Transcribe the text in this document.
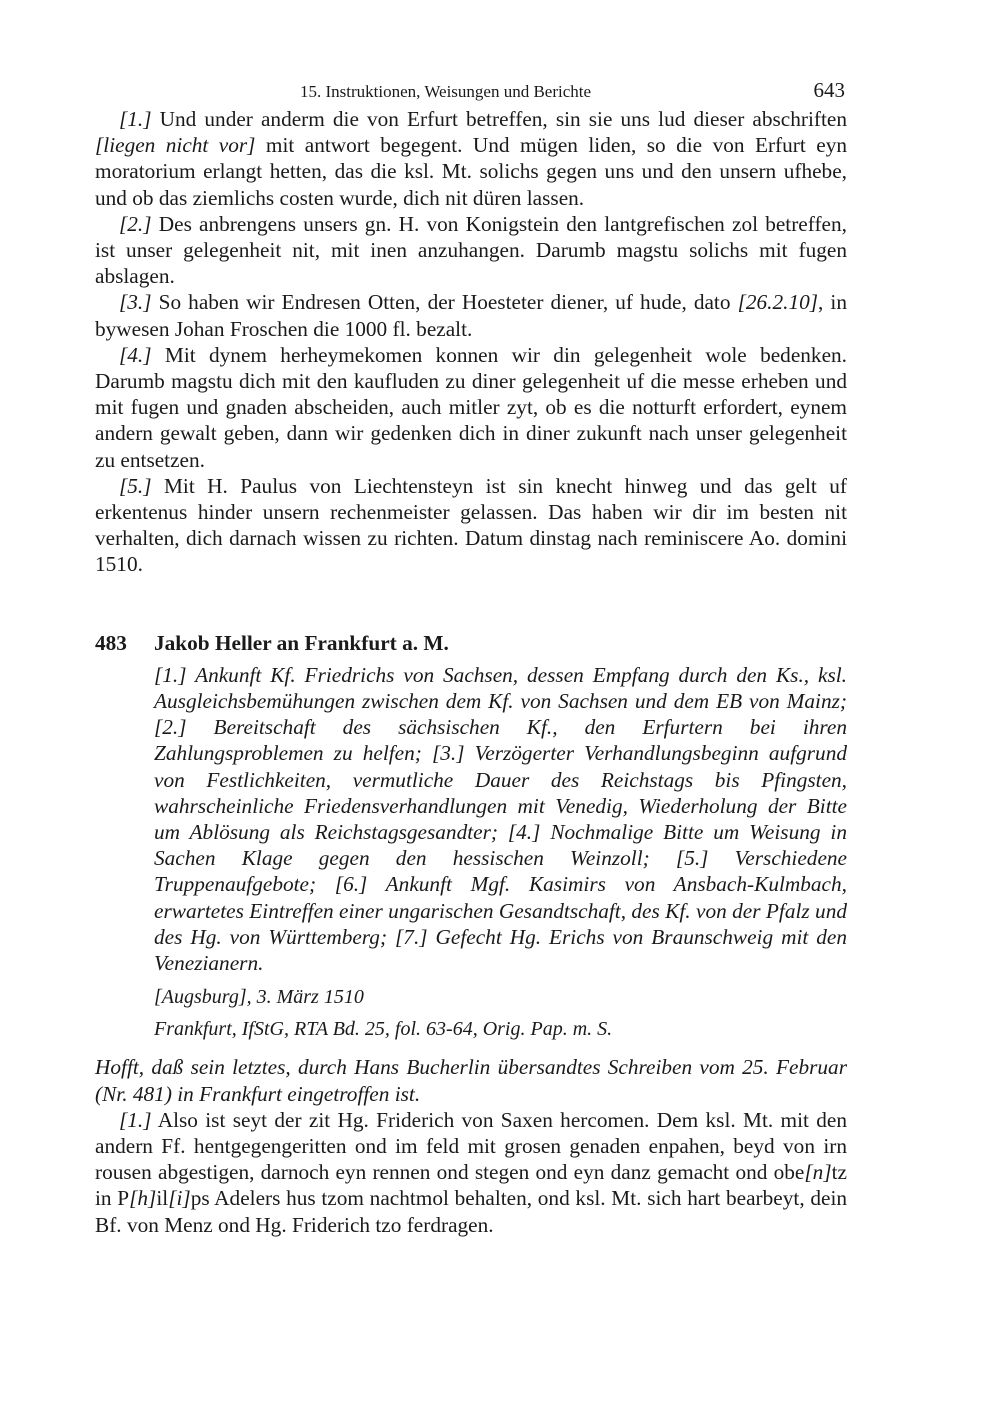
15. Instruktionen, Weisungen und Berichte	643

[1.] Und under anderm die von Erfurt betreffen, sin sie uns lud dieser abschriften [liegen nicht vor] mit antwort begegent. Und mügen liden, so die von Erfurt eyn moratorium erlangt hetten, das die ksl. Mt. solichs gegen uns und den unsern ufhebe, und ob das ziemlichs costen wurde, dich nit düren lassen.

[2.] Des anbrengens unsers gn. H. von Konigstein den lantgrefischen zol betreffen, ist unser gelegenheit nit, mit inen anzuhangen. Darumb magstu solichs mit fugen abslagen.

[3.] So haben wir Endresen Otten, der Hoesteter diener, uf hude, dato [26.2.10], in bywesen Johan Froschen die 1000 fl. bezalt.

[4.] Mit dynem herheymekomen konnen wir din gelegenheit wole bedenken. Darumb magstu dich mit den kaufluden zu diner gelegenheit uf die messe erheben und mit fugen und gnaden abscheiden, auch mitler zyt, ob es die notturft erfordert, eynem andern gewalt geben, dann wir gedenken dich in diner zukunft nach unser gelegenheit zu entsetzen.

[5.] Mit H. Paulus von Liechtensteyn ist sin knecht hinweg und das gelt uf erkentenus hinder unsern rechenmeister gelassen. Das haben wir dir im besten nit verhalten, dich darnach wissen zu richten. Datum dinstag nach reminiscere Ao. domini 1510.

483 Jakob Heller an Frankfurt a. M.
[1.] Ankunft Kf. Friedrichs von Sachsen, dessen Empfang durch den Ks., ksl. Ausgleichsbemühungen zwischen dem Kf. von Sachsen und dem EB von Mainz; [2.] Bereitschaft des sächsischen Kf., den Erfurtern bei ihren Zahlungsproblemen zu helfen; [3.] Verzögerter Verhandlungsbeginn aufgrund von Festlichkeiten, vermutliche Dauer des Reichstags bis Pfingsten, wahrscheinliche Friedensverhandlungen mit Venedig, Wiederholung der Bitte um Ablösung als Reichstagsgesandter; [4.] Nochmalige Bitte um Weisung in Sachen Klage gegen den hessischen Weinzoll; [5.] Verschiedene Truppenaufgebote; [6.] Ankunft Mgf. Kasimirs von Ansbach-Kulmbach, erwartetes Eintreffen einer ungarischen Gesandtschaft, des Kf. von der Pfalz und des Hg. von Württemberg; [7.] Gefecht Hg. Erichs von Braunschweig mit den Venezianern.
[Augsburg], 3. März 1510
Frankfurt, IfStG, RTA Bd. 25, fol. 63-64, Orig. Pap. m. S.

Hofft, daß sein letztes, durch Hans Bucherlin übersandtes Schreiben vom 25. Februar (Nr. 481) in Frankfurt eingetroffen ist.

[1.] Also ist seyt der zit Hg. Friderich von Saxen hercomen. Dem ksl. Mt. mit den andern Ff. hentgegengeritten ond im feld mit grosen genaden enpahen, beyd von irn rousen abgestigen, darnoch eyn rennen ond stegen ond eyn danz gemacht ond obe[n]tz in P[h]il[i]ps Adelers hus tzom nachtmol behalten, ond ksl. Mt. sich hart bearbeyt, dein Bf. von Menz ond Hg. Friderich tzo ferdragen.
